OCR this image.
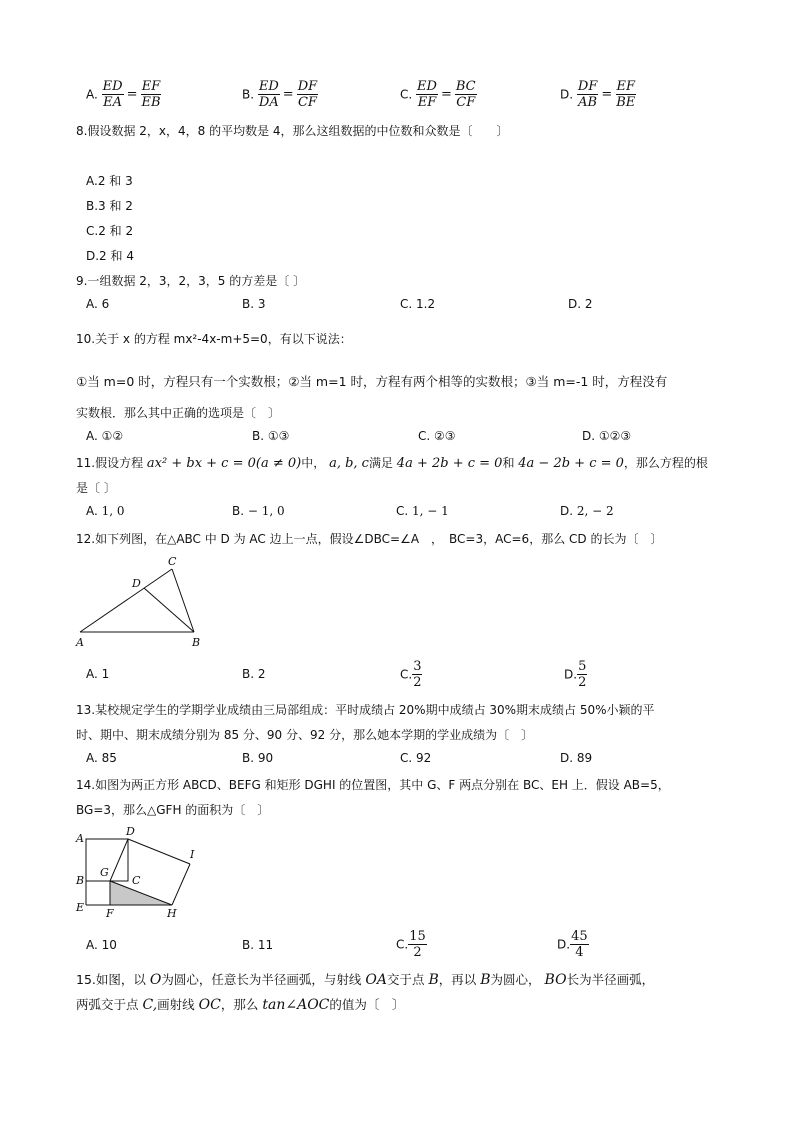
A. $\frac{ED}{EA} = \frac{EF}{EB}$	B. $\frac{ED}{DA} = \frac{DF}{CF}$	C. $\frac{ED}{EF} = \frac{BC}{CF}$	D. $\frac{DF}{AB} = \frac{EF}{BE}$
8.假设数据 2，x，4，8 的平均数是 4，那么这组数据的中位数和众数是〔　　〕
A.2 和 3
B.3 和 2
C.2 和 2
D.2 和 4
9.一组数据 2，3，2，3，5 的方差是〔 〕
A. 6	B. 3	C. 1.2	D. 2
10.关于 x 的方程 mx²-4x-m+5=0，有以下说法：
①当 m=0 时，方程只有一个实数根；②当 m=1 时，方程有两个相等的实数根；③当 m=-1 时，方程没有
实数根．那么其中正确的选项是〔　〕
A. ①②	B. ①③	C. ②③	D. ①②③
11.假设方程 ax² + bx + c = 0(a ≠ 0)中， a, b, c满足 4a + 2b + c = 0和 4a − 2b + c = 0，那么方程的根
是〔 〕
A. 1, 0	B. − 1, 0	C. 1, − 1	D. 2, − 2
12.如下列图，在△ABC 中 D 为 AC 边上一点，假设∠DBC=∠A　，　BC=3，AC=6，那么 CD 的长为〔　〕
A	B
C
D
A. 1	B. 2	C. $\frac{3}{2}$	D. $\frac{5}{2}$
13.某校规定学生的学期学业成绩由三局部组成：平时成绩占 20%期中成绩占 30%期末成绩占 50%小颖的平
时、期中、期末成绩分别为 85 分、90 分、92 分，那么她本学期的学业成绩为〔　〕
A. 85	B. 90	C. 92	D. 89
14.如图为两正方形 ABCD、BEFG 和矩形 DGHI 的位置图，其中 G、F 两点分别在 BC、EH 上．假设 AB=5，
BG=3，那么△GFH 的面积为〔　〕
A
D
B
G
C
E F	H
I
A. 10	B. 11	C. $\frac{15}{2}$	D. $\frac{45}{4}$
15.如图，以 O为圆心，任意长为半径画弧，与射线 OA交于点 B，再以 B为圆心， BO长为半径画弧，
两弧交于点 C,画射线 OC，那么 tan∠AOC的值为〔　〕
